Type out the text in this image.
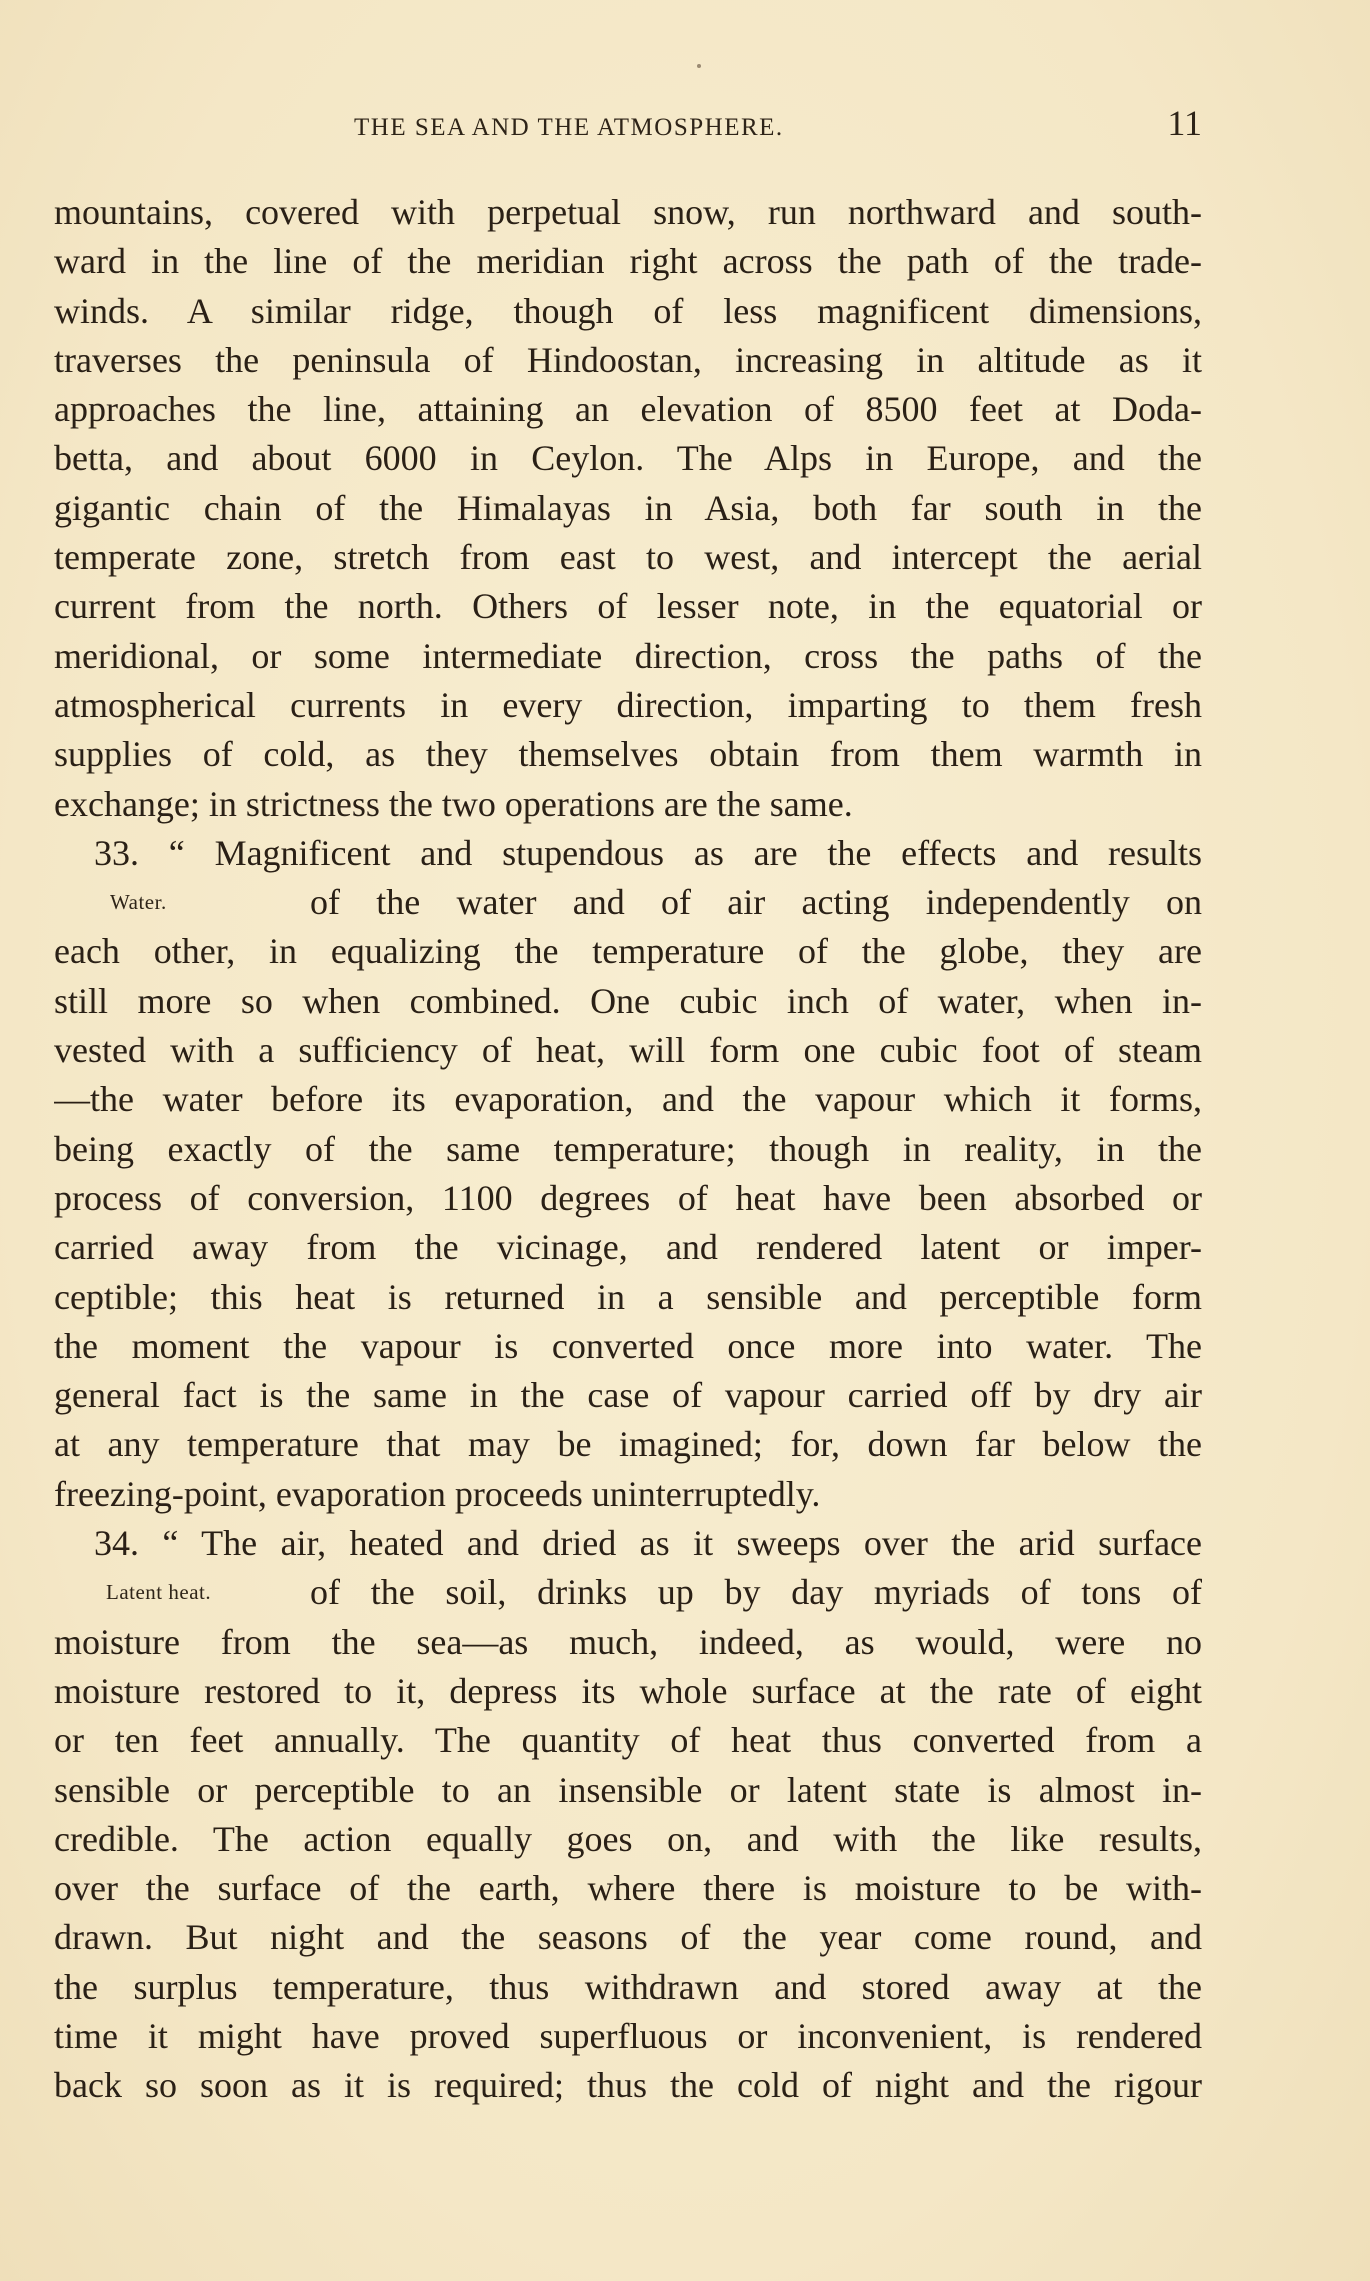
THE SEA AND THE ATMOSPHERE.	11
mountains, covered with perpetual snow, run northward and south-
ward in the line of the meridian right across the path of the trade-
winds. A similar ridge, though of less magnificent dimensions,
traverses the peninsula of Hindoostan, increasing in altitude as it
approaches the line, attaining an elevation of 8500 feet at Doda-
betta, and about 6000 in Ceylon. The Alps in Europe, and the
gigantic chain of the Himalayas in Asia, both far south in the
temperate zone, stretch from east to west, and intercept the aerial
current from the north. Others of lesser note, in the equatorial or
meridional, or some intermediate direction, cross the paths of the
atmospherical currents in every direction, imparting to them fresh
supplies of cold, as they themselves obtain from them warmth in
exchange; in strictness the two operations are the same.
33. “ Magnificent and stupendous as are the effects and results
Water.	of the water and of air acting independently on
each other, in equalizing the temperature of the globe, they are
still more so when combined. One cubic inch of water, when in-
vested with a sufficiency of heat, will form one cubic foot of steam
—the water before its evaporation, and the vapour which it forms,
being exactly of the same temperature; though in reality, in the
process of conversion, 1100 degrees of heat have been absorbed or
carried away from the vicinage, and rendered latent or imper-
ceptible; this heat is returned in a sensible and perceptible form
the moment the vapour is converted once more into water. The
general fact is the same in the case of vapour carried off by dry air
at any temperature that may be imagined; for, down far below the
freezing-point, evaporation proceeds uninterruptedly.
34. “ The air, heated and dried as it sweeps over the arid surface
Latent heat.	of the soil, drinks up by day myriads of tons of
moisture from the sea—as much, indeed, as would, were no
moisture restored to it, depress its whole surface at the rate of eight
or ten feet annually. The quantity of heat thus converted from a
sensible or perceptible to an insensible or latent state is almost in-
credible. The action equally goes on, and with the like results,
over the surface of the earth, where there is moisture to be with-
drawn. But night and the seasons of the year come round, and
the surplus temperature, thus withdrawn and stored away at the
time it might have proved superfluous or inconvenient, is rendered
back so soon as it is required; thus the cold of night and the rigour
